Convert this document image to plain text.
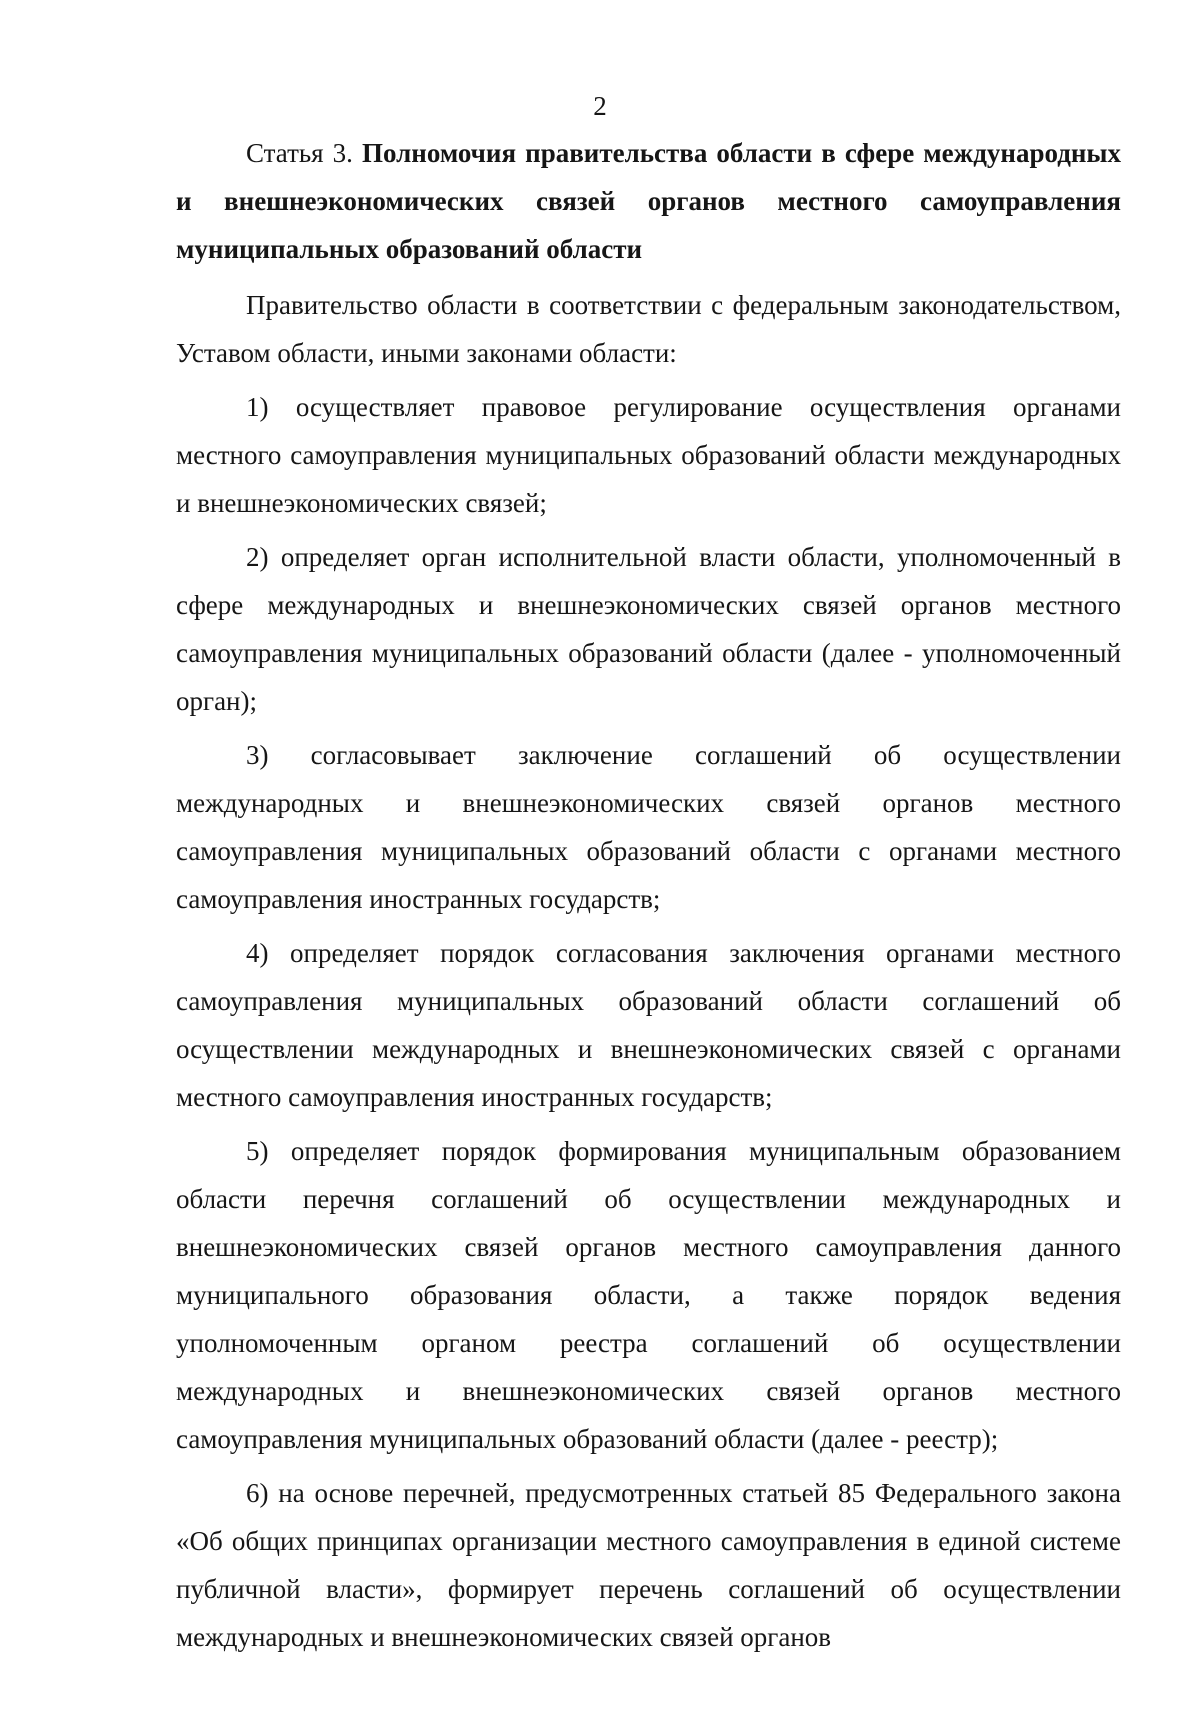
2

Статья 3. Полномочия правительства области в сфере международных и внешнеэкономических связей органов местного самоуправления муниципальных образований области

Правительство области в соответствии с федеральным законодательством, Уставом области, иными законами области:

1) осуществляет правовое регулирование осуществления органами местного самоуправления муниципальных образований области международных и внешнеэкономических связей;

2) определяет орган исполнительной власти области, уполномоченный в сфере международных и внешнеэкономических связей органов местного самоуправления муниципальных образований области (далее - уполномоченный орган);

3) согласовывает заключение соглашений об осуществлении международных и внешнеэкономических связей органов местного самоуправления муниципальных образований области с органами местного самоуправления иностранных государств;

4) определяет порядок согласования заключения органами местного самоуправления муниципальных образований области соглашений об осуществлении международных и внешнеэкономических связей с органами местного самоуправления иностранных государств;

5) определяет порядок формирования муниципальным образованием области перечня соглашений об осуществлении международных и внешнеэкономических связей органов местного самоуправления данного муниципального образования области, а также порядок ведения уполномоченным органом реестра соглашений об осуществлении международных и внешнеэкономических связей органов местного самоуправления муниципальных образований области (далее - реестр);

6) на основе перечней, предусмотренных статьей 85 Федерального закона «Об общих принципах организации местного самоуправления в единой системе публичной власти», формирует перечень соглашений об осуществлении международных и внешнеэкономических связей органов
